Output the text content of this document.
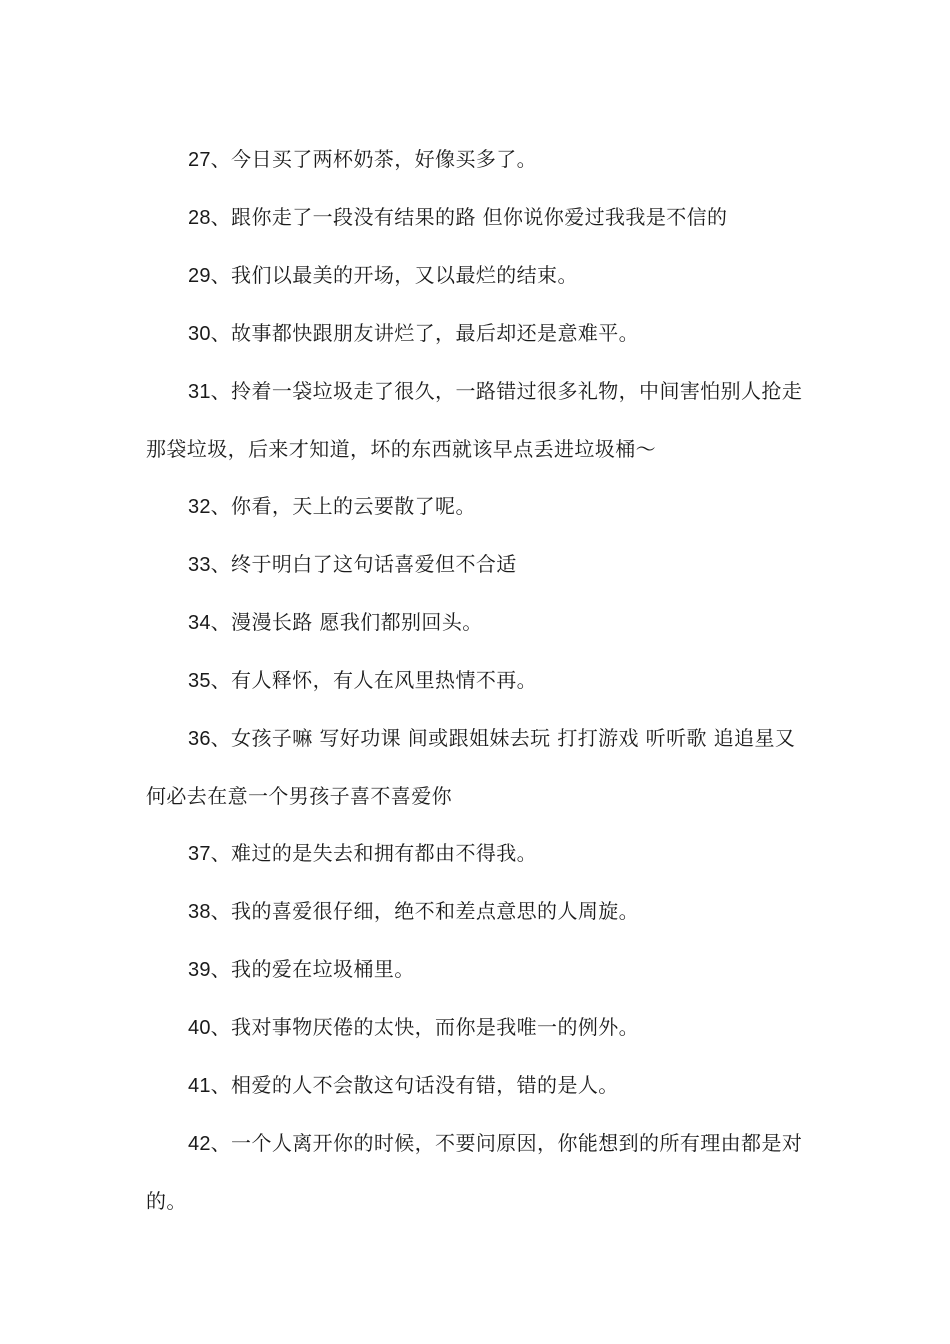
27、今日买了两杯奶茶，好像买多了。

28、跟你走了一段没有结果的路 但你说你爱过我我是不信的

29、我们以最美的开场，又以最烂的结束。

30、故事都快跟朋友讲烂了，最后却还是意难平。

31、拎着一袋垃圾走了很久，一路错过很多礼物，中间害怕别人抢走那袋垃圾，后来才知道，坏的东西就该早点丢进垃圾桶～

32、你看，天上的云要散了呢。

33、终于明白了这句话喜爱但不合适

34、漫漫长路 愿我们都别回头。

35、有人释怀，有人在风里热情不再。

36、女孩子嘛 写好功课 间或跟姐妹去玩 打打游戏 听听歌 追追星又何必去在意一个男孩子喜不喜爱你

37、难过的是失去和拥有都由不得我。

38、我的喜爱很仔细，绝不和差点意思的人周旋。

39、我的爱在垃圾桶里。

40、我对事物厌倦的太快，而你是我唯一的例外。

41、相爱的人不会散这句话没有错，错的是人。

42、一个人离开你的时候，不要问原因，你能想到的所有理由都是对的。
